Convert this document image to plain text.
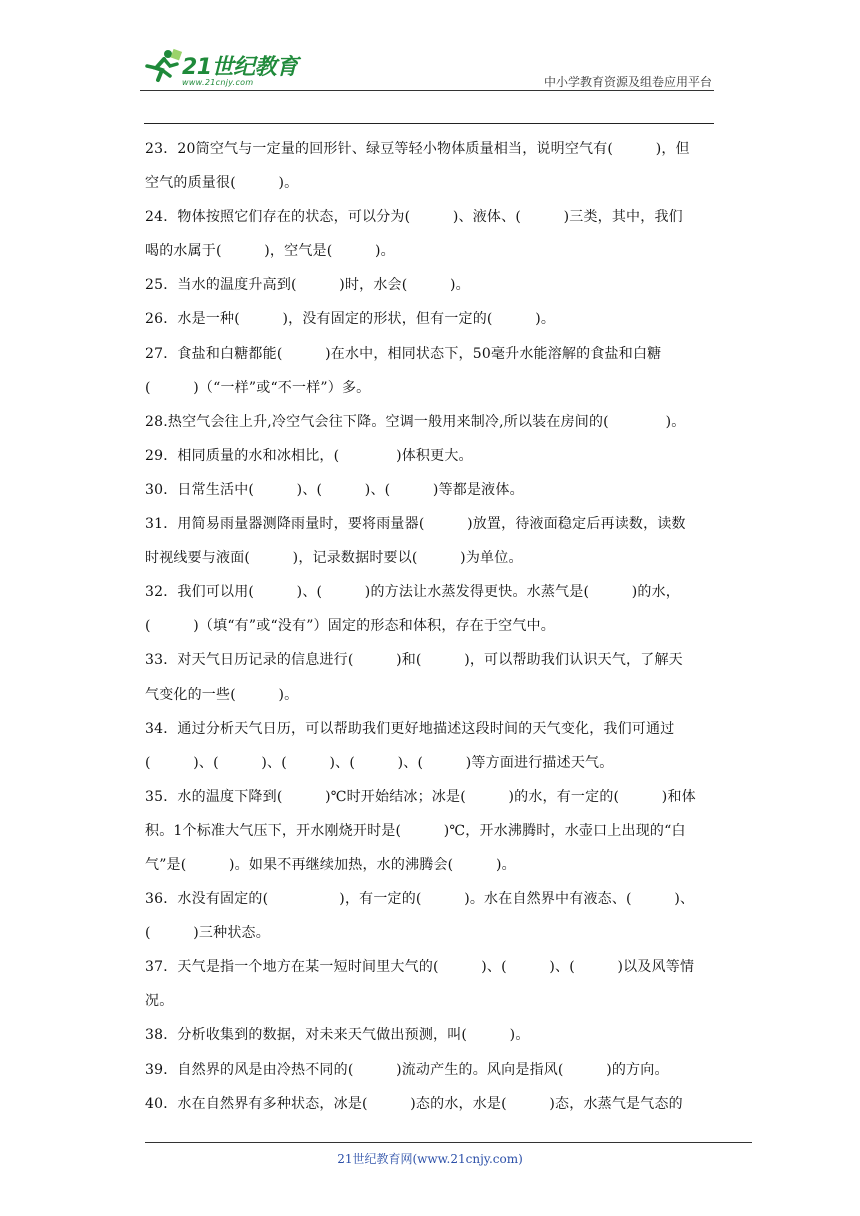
21世纪教育
www.21cnjy.com	中小学教育资源及组卷应用平台
23．20筒空气与一定量的回形针、绿豆等轻小物体质量相当，说明空气有(　　　)，但
空气的质量很(　　　)。
24．物体按照它们存在的状态，可以分为(　　　)、液体、(　　　)三类，其中，我们
喝的水属于(　　　)，空气是(　　　)。
25．当水的温度升高到(　　　)时，水会(　　　)。
26．水是一种(　　　)，没有固定的形状，但有一定的(　　　)。
27．食盐和白糖都能(　　　)在水中，相同状态下，50毫升水能溶解的食盐和白糖
(　　　)（“一样”或“不一样”）多。
28.热空气会往上升,冷空气会往下降。空调一般用来制冷,所以装在房间的(　　　　)。
29．相同质量的水和冰相比，(　　　　)体积更大。
30．日常生活中(　　　)、(　　　)、(　　　)等都是液体。
31．用简易雨量器测降雨量时，要将雨量器(　　　)放置，待液面稳定后再读数，读数
时视线要与液面(　　　)，记录数据时要以(　　　)为单位。
32．我们可以用(　　　)、(　　　)的方法让水蒸发得更快。水蒸气是(　　　)的水，
(　　　)（填“有”或“没有”）固定的形态和体积，存在于空气中。
33．对天气日历记录的信息进行(　　　)和(　　　)，可以帮助我们认识天气，了解天
气变化的一些(　　　)。
34．通过分析天气日历，可以帮助我们更好地描述这段时间的天气变化，我们可通过
(　　　)、(　　　)、(　　　)、(　　　)、(　　　)等方面进行描述天气。
35．水的温度下降到(　　　)℃时开始结冰；冰是(　　　)的水，有一定的(　　　)和体
积。1个标准大气压下，开水刚烧开时是(　　　)℃，开水沸腾时，水壶口上出现的“白
气”是(　　　)。如果不再继续加热，水的沸腾会(　　　)。
36．水没有固定的(　　　　　)，有一定的(　　　)。水在自然界中有液态、(　　　)、
(　　　)三种状态。
37．天气是指一个地方在某一短时间里大气的(　　　)、(　　　)、(　　　)以及风等情
况。
38．分析收集到的数据，对未来天气做出预测，叫(　　　)。
39．自然界的风是由冷热不同的(　　　)流动产生的。风向是指风(　　　)的方向。
40．水在自然界有多种状态，冰是(　　　)态的水，水是(　　　)态，水蒸气是气态的
21世纪教育网(www.21cnjy.com)
